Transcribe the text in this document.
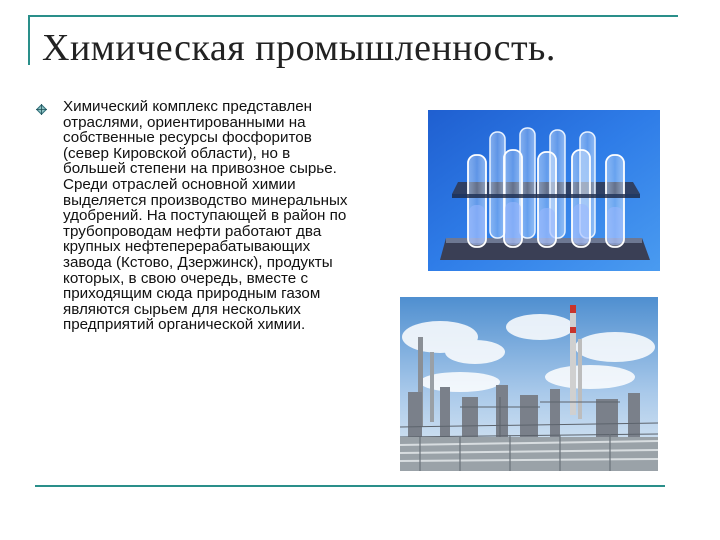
Химическая промышленность.

Химический комплекс представлен отраслями, ориентированными на собственные ресурсы фосфоритов (север Кировской области), но в большей степени на привозное сырье. Среди отраслей основной химии выделяется производство минеральных удобрений. На поступающей в район по трубопроводам нефти работают два крупных нефтеперерабатывающих завода (Кстово, Дзержинск), продукты которых, в свою очередь, вместе с приходящим сюда природным газом являются сырьем для нескольких предприятий органической химии.
